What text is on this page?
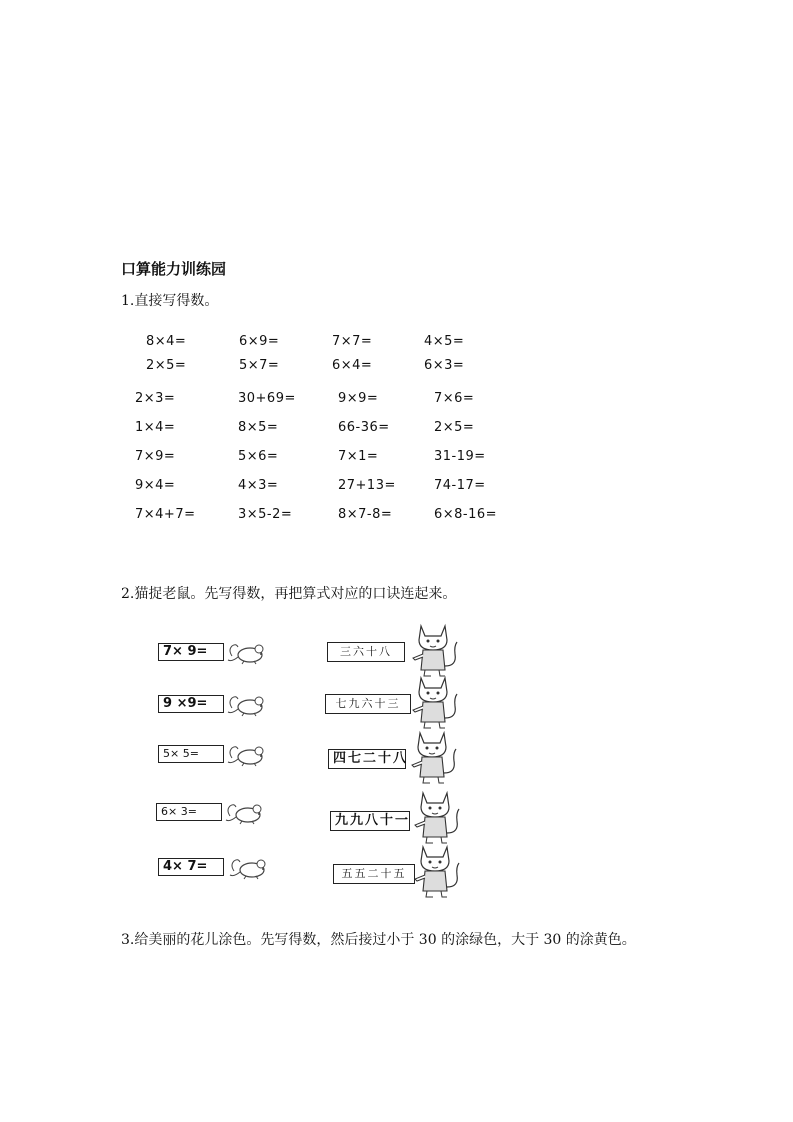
口算能力训练园
1.直接写得数。
8×4=	6×9=	7×7=	4×5=
2×5=	5×7=	6×4=	6×3=
2×3=	30+69=	9×9=	7×6=
1×4=	8×5=	66-36=	2×5=
7×9=	5×6=	7×1=	31-19=
9×4=	4×3=	27+13=	74-17=
7×4+7=	3×5-2=	8×7-8=	6×8-16=
2.猫捉老鼠。先写得数，再把算式对应的口诀连起来。
7× 9=
9 ×9=
5× 5=
6× 3=
4× 7=
三六十八
七九六十三
四七二十八
九九八十一
五五二十五
3.给美丽的花儿涂色。先写得数，然后接过小于 30 的涂绿色，大于 30 的涂黄色。
